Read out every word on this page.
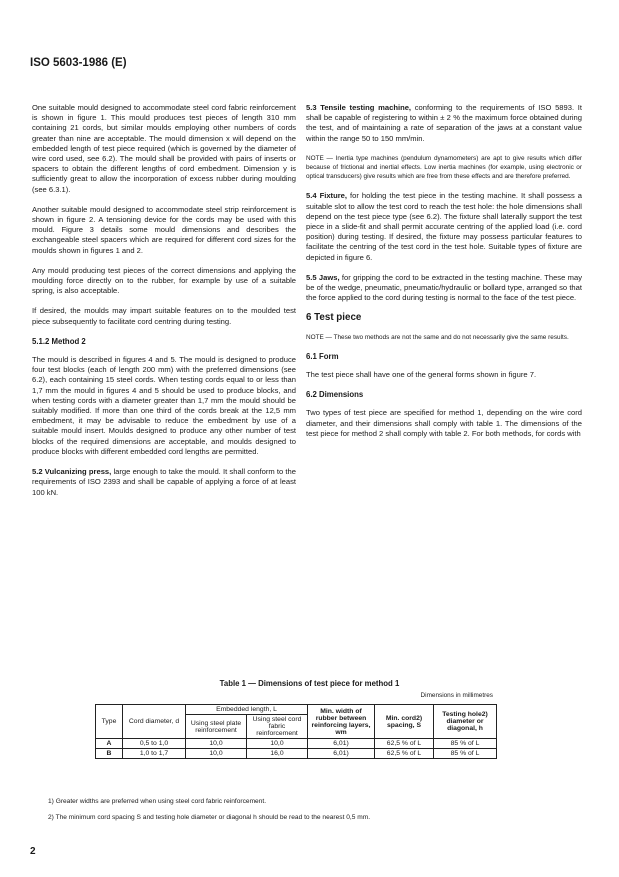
ISO 5603-1986 (E)

One suitable mould designed to accommodate steel cord fabric reinforcement is shown in figure 1. This mould produces test pieces of length 310 mm containing 21 cords, but similar moulds employing other numbers of cords greater than nine are acceptable. The mould dimension x will depend on the embedded length of test piece required (which is governed by the diameter of wire cord used, see 6.2). The mould shall be provided with pairs of inserts or spacers to obtain the different lengths of cord embedment. Dimension y is sufficiently great to allow the incorporation of excess rubber during moulding (see 6.3.1).

Another suitable mould designed to accommodate steel strip reinforcement is shown in figure 2. A tensioning device for the cords may be used with this mould. Figure 3 details some mould dimensions and describes the exchangeable steel spacers which are required for different cord sizes for the moulds shown in figures 1 and 2.

Any mould producing test pieces of the correct dimensions and applying the moulding force directly on to the rubber, for example by use of a suitable spring, is also acceptable.

If desired, the moulds may impart suitable features on to the moulded test piece subsequently to facilitate cord centring during testing.

5.1.2 Method 2

The mould is described in figures 4 and 5. The mould is designed to produce four test blocks (each of length 200 mm) with the preferred dimensions (see 6.2), each containing 15 steel cords. When testing cords equal to or less than 1,7 mm the mould in figures 4 and 5 should be used to produce blocks, and when testing cords with a diameter greater than 1,7 mm the mould should be suitably modified. If more than one third of the cords break at the 12,5 mm embedment, it may be advisable to reduce the embedment by use of a suitable mould insert. Moulds designed to produce any other number of test blocks of the required dimensions are acceptable, and moulds designed to produce blocks with different embedded cord lengths are permitted.

5.2 Vulcanizing press, large enough to take the mould. It shall conform to the requirements of ISO 2393 and shall be capable of applying a force of at least 100 kN.

5.3 Tensile testing machine, conforming to the requirements of ISO 5893. It shall be capable of registering to within ± 2 % the maximum force obtained during the test, and of maintaining a rate of separation of the jaws at a constant value within the range 50 to 150 mm/min.

NOTE — Inertia type machines (pendulum dynamometers) are apt to give results which differ because of frictional and inertial effects. Low inertia machines (for example, using electronic or optical transducers) give results which are free from these effects and are therefore preferred.

5.4 Fixture, for holding the test piece in the testing machine. It shall possess a suitable slot to allow the test cord to reach the test hole: the hole dimensions shall depend on the test piece type (see 6.2). The fixture shall laterally support the test piece in a slide-fit and shall permit accurate centring of the applied load (i.e. cord position) during testing. If desired, the fixture may possess particular features to facilitate the centring of the test cord in the test hole. Suitable types of fixture are depicted in figure 6.

5.5 Jaws, for gripping the cord to be extracted in the testing machine. These may be of the wedge, pneumatic, pneumatic/hydraulic or bollard type, arranged so that the force applied to the cord during testing is normal to the face of the test piece.

6 Test piece
NOTE — These two methods are not the same and do not necessarily give the same results.
6.1 Form

The test piece shall have one of the general forms shown in figure 7.

6.2 Dimensions

Two types of test piece are specified for method 1, depending on the wire cord diameter, and their dimensions shall comply with table 1. The dimensions of the test piece for method 2 shall comply with table 2. For both methods, for cords with

Table 1 — Dimensions of test piece for method 1
Dimensions in millimetres
Type	Cord diameter, d	Embedded length, L		Min. width of rubber between reinforcing layers, wm	Min. cord2) spacing, S	Testing hole2) diameter or diagonal, h
		Using steel plate reinforcement	Using steel cord fabric reinforcement			
A	0,5 to 1,0	10,0	10,0	6,01)	62,5 % of L	85 % of L
B	1,0 to 1,7	10,0	16,0	6,01)	62,5 % of L	85 % of L
1) Greater widths are preferred when using steel cord fabric reinforcement.
2) The minimum cord spacing S and testing hole diameter or diagonal h should be read to the nearest 0,5 mm.
2
